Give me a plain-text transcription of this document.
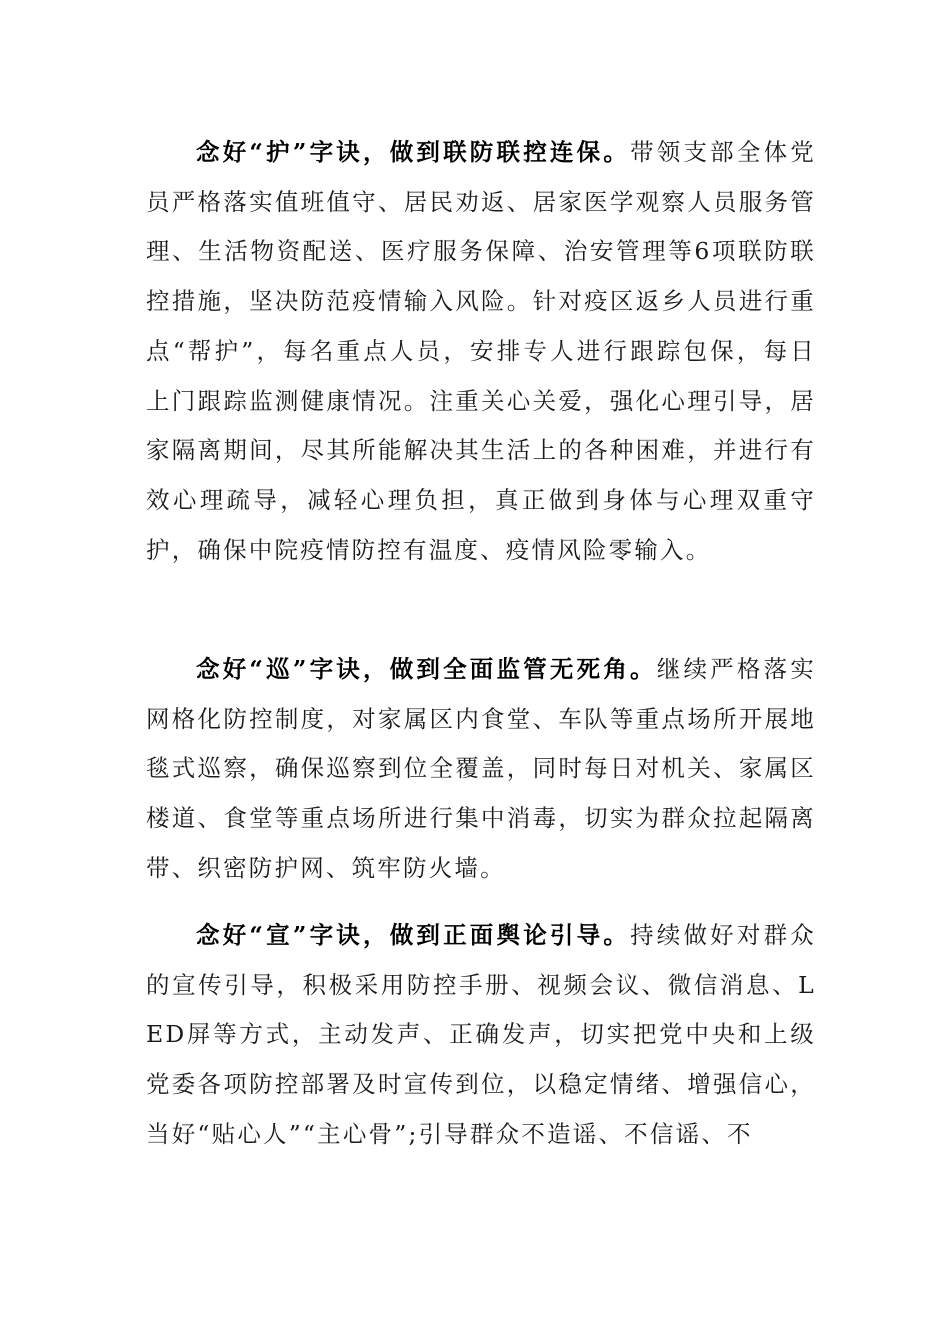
念好“护”字诀，做到联防联控连保。带领支部全体党员严格落实值班值守、居民劝返、居家医学观察人员服务管理、生活物资配送、医疗服务保障、治安管理等6项联防联控措施，坚决防范疫情输入风险。针对疫区返乡人员进行重点“帮护”，每名重点人员，安排专人进行跟踪包保，每日上门跟踪监测健康情况。注重关心关爱，强化心理引导，居家隔离期间，尽其所能解决其生活上的各种困难，并进行有效心理疏导，减轻心理负担，真正做到身体与心理双重守护，确保中院疫情防控有温度、疫情风险零输入。

念好“巡”字诀，做到全面监管无死角。继续严格落实网格化防控制度，对家属区内食堂、车队等重点场所开展地毯式巡察，确保巡察到位全覆盖，同时每日对机关、家属区楼道、食堂等重点场所进行集中消毒，切实为群众拉起隔离带、织密防护网、筑牢防火墙。

念好“宣”字诀，做到正面舆论引导。持续做好对群众的宣传引导，积极采用防控手册、视频会议、微信消息、LED屏等方式，主动发声、正确发声，切实把党中央和上级党委各项防控部署及时宣传到位，以稳定情绪、增强信心，当好“贴心人”“主心骨”;引导群众不造谣、不信谣、不
